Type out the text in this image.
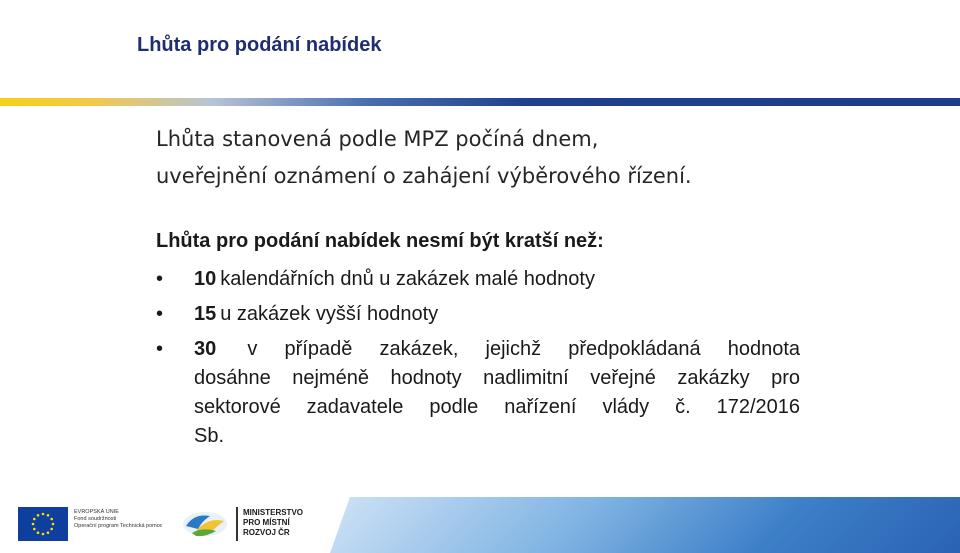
Lhůta pro podání nabídek
Lhůta stanovená podle MPZ počíná dnem,
uveřejnění oznámení o zahájení výběrového řízení.
Lhůta pro podání nabídek nesmí být kratší než:
• 10 kalendářních dnů u zakázek malé hodnoty
• 15 u zakázek vyšší hodnoty
• 30 v případě zakázek, jejichž předpokládaná hodnota
dosáhne nejméně hodnoty nadlimitní veřejné zakázky pro
sektorové zadavatele podle nařízení vlády č. 172/2016
Sb.
EVROPSKÁ UNIE
Fond soudržnosti
Operační program Technická pomoc
MINISTERSTVO
PRO MÍSTNÍ
ROZVOJ ČR
